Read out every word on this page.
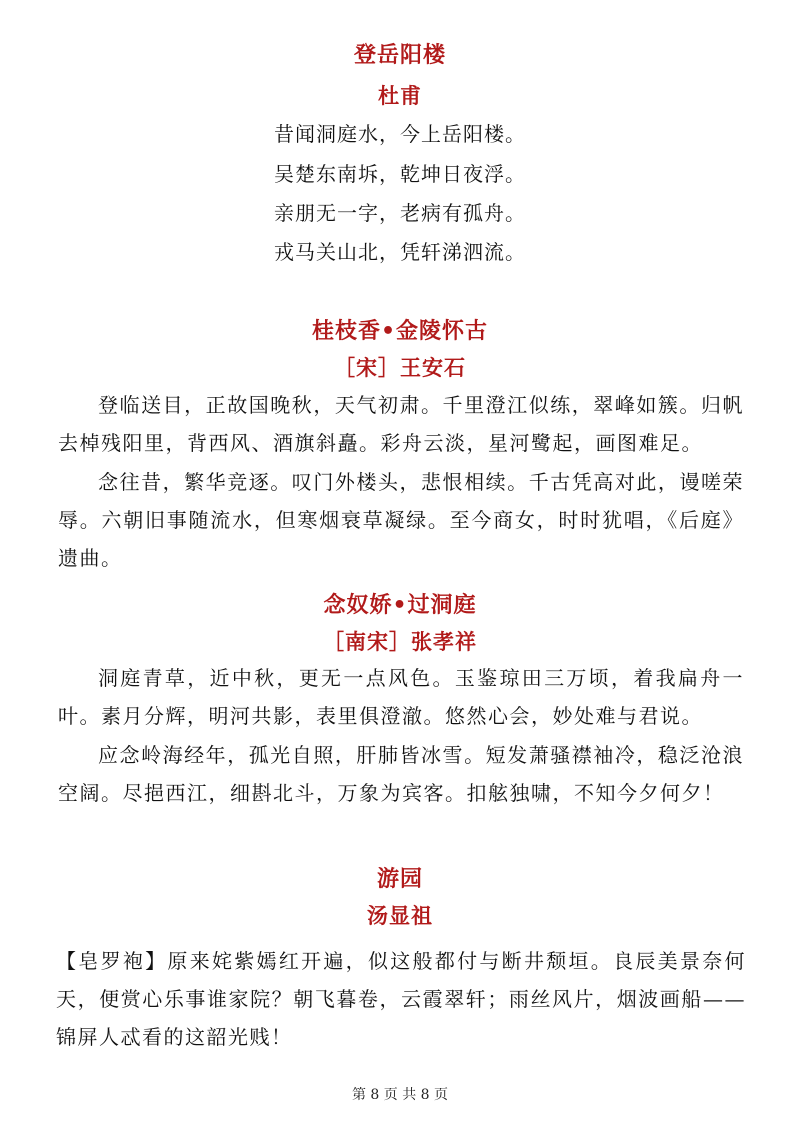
登岳阳楼
杜甫
昔闻洞庭水，今上岳阳楼。
吴楚东南坼，乾坤日夜浮。
亲朋无一字，老病有孤舟。
戎马关山北，凭轩涕泗流。
桂枝香•金陵怀古
［宋］王安石
登临送目，正故国晚秋，天气初肃。千里澄江似练，翠峰如簇。归帆去棹残阳里，背西风、酒旗斜矗。彩舟云淡，星河鹭起，画图难足。
念往昔，繁华竞逐。叹门外楼头，悲恨相续。千古凭高对此，谩嗟荣辱。六朝旧事随流水，但寒烟衰草凝绿。至今商女，时时犹唱，《后庭》遗曲。
念奴娇•过洞庭
［南宋］张孝祥
洞庭青草，近中秋，更无一点风色。玉鉴琼田三万顷，着我扁舟一叶。素月分辉，明河共影，表里俱澄澈。悠然心会，妙处难与君说。
应念岭海经年，孤光自照，肝肺皆冰雪。短发萧骚襟袖冷，稳泛沧浪空阔。尽挹西江，细斟北斗，万象为宾客。扣舷独啸，不知今夕何夕！
游园
汤显祖
【皂罗袍】原来姹紫嫣红开遍，似这般都付与断井颓垣。良辰美景奈何天，便赏心乐事谁家院？朝飞暮卷，云霞翠轩；雨丝风片，烟波画船——锦屏人忒看的这韶光贱！
第 8 页 共 8 页
